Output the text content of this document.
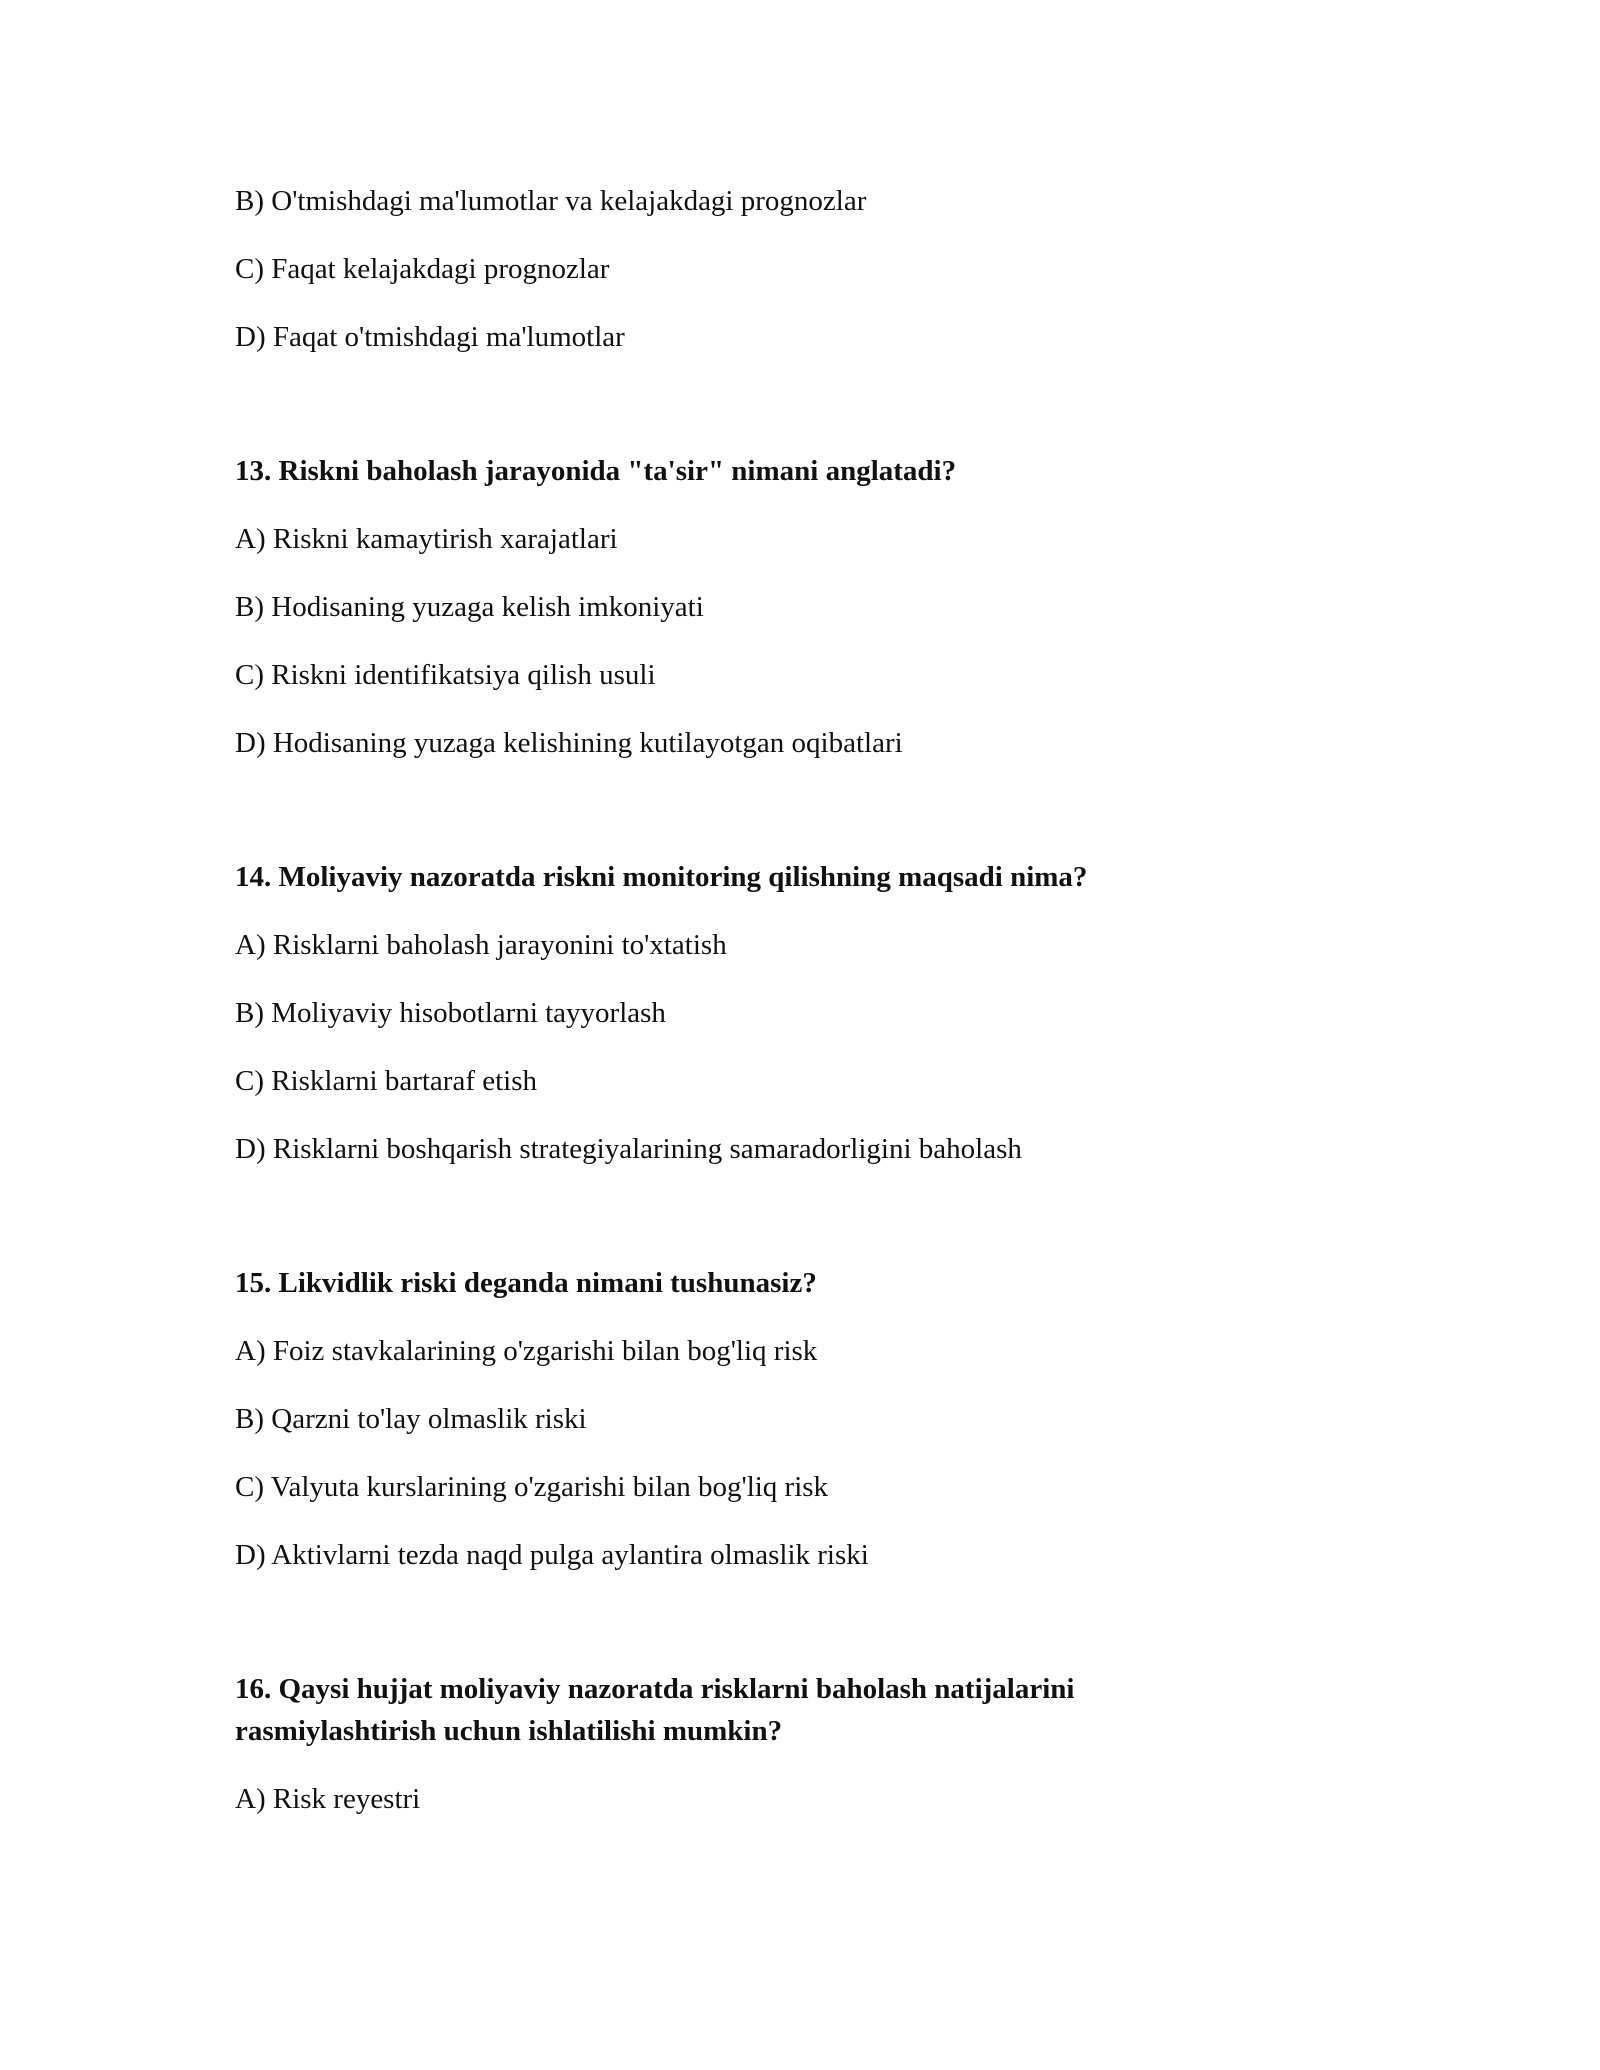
B) O'tmishdagi ma'lumotlar va kelajakdagi prognozlar
C) Faqat kelajakdagi prognozlar
D) Faqat o'tmishdagi ma'lumotlar
13. Riskni baholash jarayonida "ta'sir" nimani anglatadi?
A) Riskni kamaytirish xarajatlari
B) Hodisaning yuzaga kelish imkoniyati
C) Riskni identifikatsiya qilish usuli
D) Hodisaning yuzaga kelishining kutilayotgan oqibatlari
14. Moliyaviy nazoratda riskni monitoring qilishning maqsadi nima?
A) Risklarni baholash jarayonini to'xtatish
B) Moliyaviy hisobotlarni tayyorlash
C) Risklarni bartaraf etish
D) Risklarni boshqarish strategiyalarining samaradorligini baholash
15. Likvidlik riski deganda nimani tushunasiz?
A) Foiz stavkalarining o'zgarishi bilan bog'liq risk
B) Qarzni to'lay olmaslik riski
C) Valyuta kurslarining o'zgarishi bilan bog'liq risk
D) Aktivlarni tezda naqd pulga aylantira olmaslik riski
16. Qaysi hujjat moliyaviy nazoratda risklarni baholash natijalarini
rasmiylashtirish uchun ishlatilishi mumkin?
A) Risk reyestri
